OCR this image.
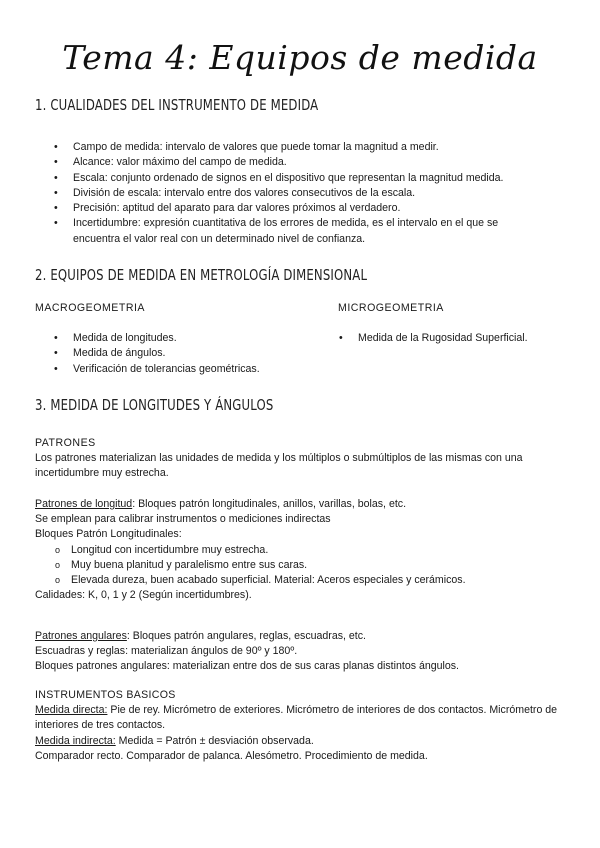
Tema 4: Equipos de medida
1. CUALIDADES DEL INSTRUMENTO DE MEDIDA
• Campo de medida: intervalo de valores que puede tomar la magnitud a medir.
• Alcance: valor máximo del campo de medida.
• Escala: conjunto ordenado de signos en el dispositivo que representan la magnitud medida.
• División de escala: intervalo entre dos valores consecutivos de la escala.
• Precisión: aptitud del aparato para dar valores próximos al verdadero.
• Incertidumbre: expresión cuantitativa de los errores de medida, es el intervalo en el que se encuentra el valor real con un determinado nivel de confianza.
2. EQUIPOS DE MEDIDA EN METROLOGÍA DIMENSIONAL
MACROGEOMETRIA
• Medida de longitudes.
• Medida de ángulos.
• Verificación de tolerancias geométricas.
MICROGEOMETRIA
• Medida de la Rugosidad Superficial.
3. MEDIDA DE LONGITUDES Y ÁNGULOS
PATRONES
Los patrones materializan las unidades de medida y los múltiplos o submúltiplos de las mismas con una incertidumbre muy estrecha.
Patrones de longitud: Bloques patrón longitudinales, anillos, varillas, bolas, etc.
Se emplean para calibrar instrumentos o mediciones indirectas
Bloques Patrón Longitudinales:
o Longitud con incertidumbre muy estrecha.
o Muy buena planitud y paralelismo entre sus caras.
o Elevada dureza, buen acabado superficial. Material: Aceros especiales y cerámicos.
Calidades: K, 0, 1 y 2 (Según incertidumbres).
Patrones angulares: Bloques patrón angulares, reglas, escuadras, etc.
Escuadras y reglas: materializan ángulos de 90º y 180º.
Bloques patrones angulares: materializan entre dos de sus caras planas distintos ángulos.
INSTRUMENTOS BASICOS
Medida directa: Pie de rey. Micrómetro de exteriores. Micrómetro de interiores de dos contactos. Micrómetro de interiores de tres contactos.
Medida indirecta: Medida = Patrón ± desviación observada.
Comparador recto. Comparador de palanca. Alesómetro. Procedimiento de medida.
